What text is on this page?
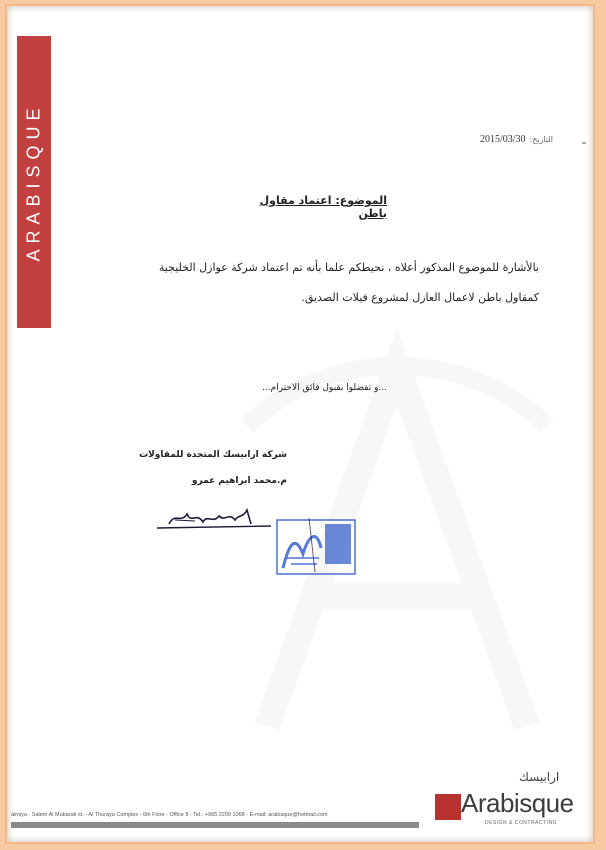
ARABISQUE	التاريخ:
2015/03/30
الموضوع: اعتماد مقاول باطن
بالأشارة للموضوع المذكور أعلاه ، نحيطكم علما بأنه تم اعتماد شركة عوازل الخليجية
كمقاول باطن لاعمال العازل لمشروع فيلات الصديق.
...و تفضلوا بقبول فائق الاحترام...
شركة ارابيسك المتحدة للمقاولات
م.محمد ابراهيم عمرو
aimiya - Salem Al Mubarak st. - Al Thuraya Complex - 6th Floor - Office 8 - Tel.: +965 2209 1068 - E-mail: arabisque@hotmail.com
ارابيسك
Arabisque
DESIGN & CONTRACTING
